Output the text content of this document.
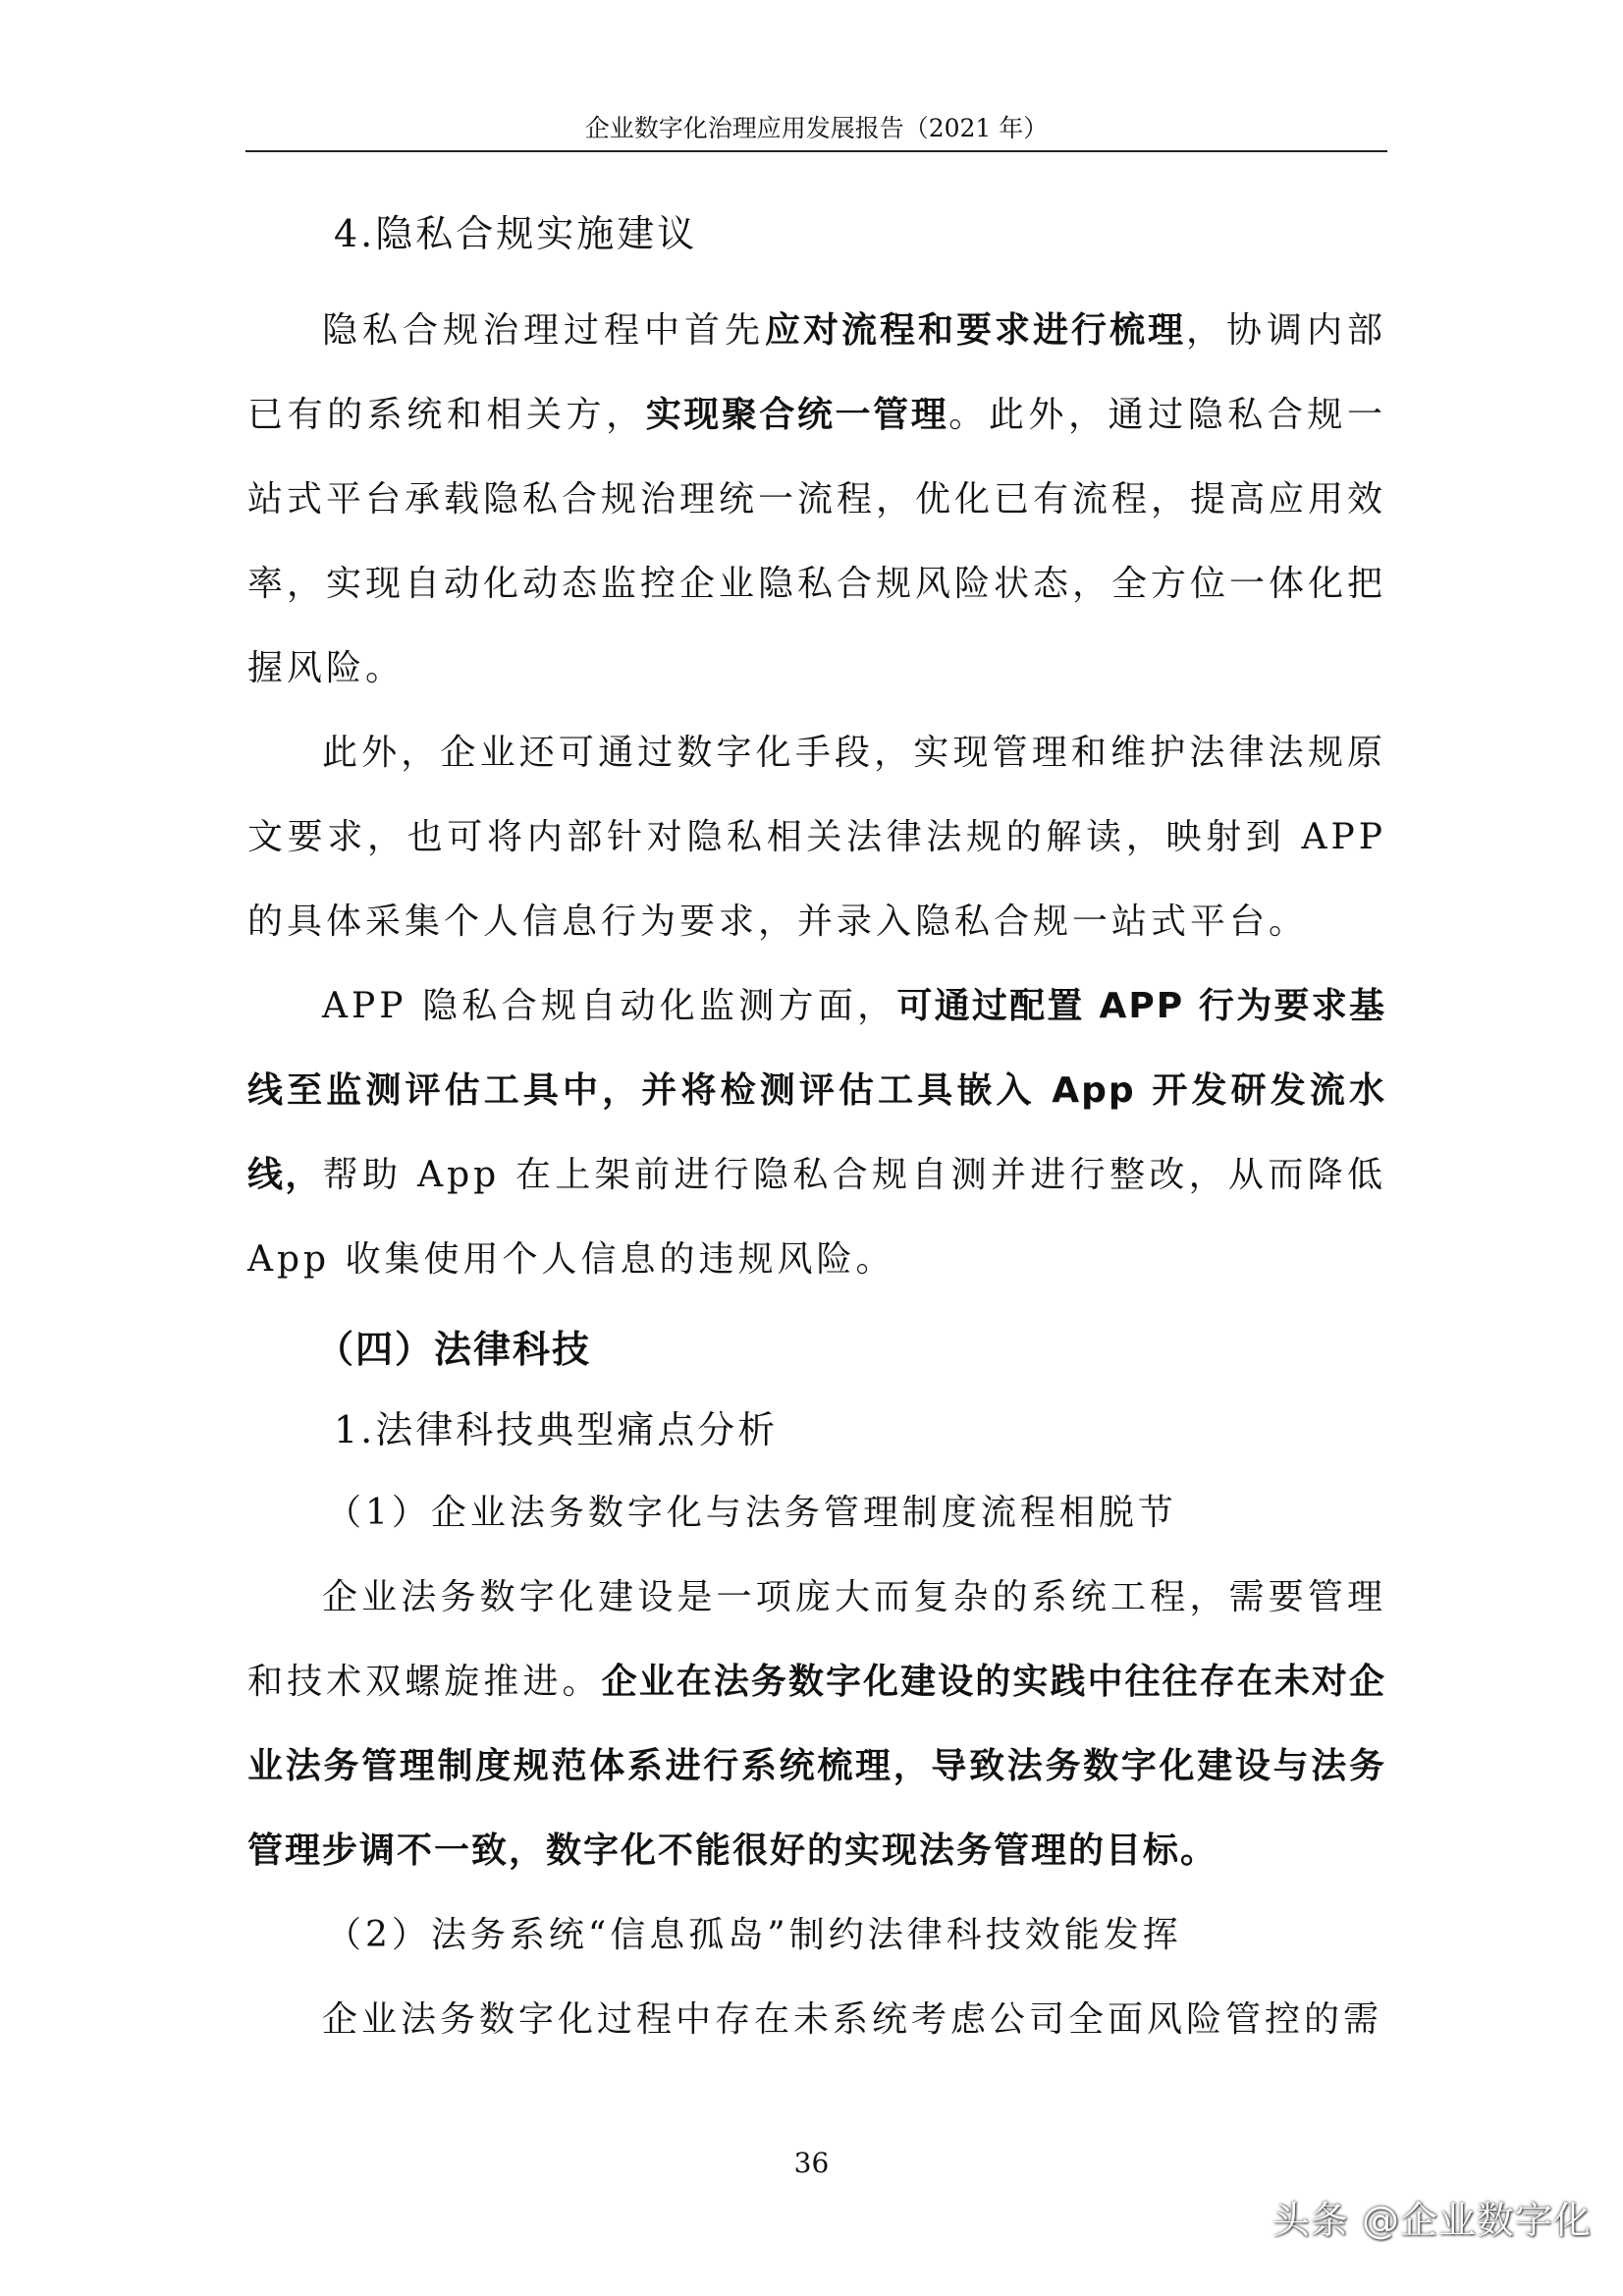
企业数字化治理应用发展报告（2021 年）
4.隐私合规实施建议

隐私合规治理过程中首先应对流程和要求进行梳理，协调内部已有的系统和相关方，实现聚合统一管理。此外，通过隐私合规一站式平台承载隐私合规治理统一流程，优化已有流程，提高应用效率，实现自动化动态监控企业隐私合规风险状态，全方位一体化把握风险。

此外，企业还可通过数字化手段，实现管理和维护法律法规原文要求，也可将内部针对隐私相关法律法规的解读，映射到 APP 的具体采集个人信息行为要求，并录入隐私合规一站式平台。

APP 隐私合规自动化监测方面，可通过配置 APP 行为要求基线至监测评估工具中，并将检测评估工具嵌入 App 开发研发流水线，帮助 App 在上架前进行隐私合规自测并进行整改，从而降低 App 收集使用个人信息的违规风险。

（四）法律科技
1.法律科技典型痛点分析

（1）企业法务数字化与法务管理制度流程相脱节

企业法务数字化建设是一项庞大而复杂的系统工程，需要管理和技术双螺旋推进。企业在法务数字化建设的实践中往往存在未对企业法务管理制度规范体系进行系统梳理，导致法务数字化建设与法务管理步调不一致，数字化不能很好的实现法务管理的目标。

（2）法务系统“信息孤岛”制约法律科技效能发挥

企业法务数字化过程中存在未系统考虑公司全面风险管控的需

36
头条 @企业数字化
